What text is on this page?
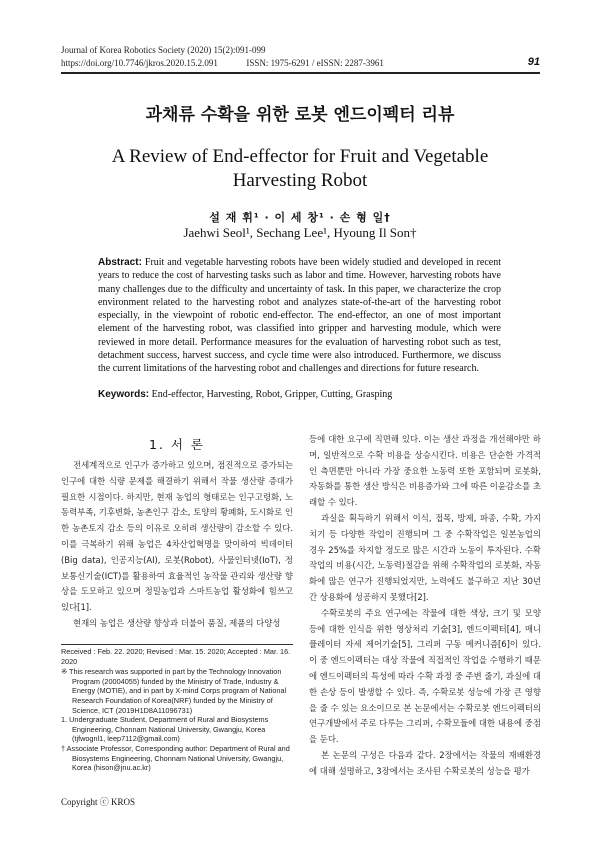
Journal of Korea Robotics Society (2020) 15(2):091-099
https://doi.org/10.7746/jkros.2020.15.2.091	ISSN: 1975-6291 / eISSN: 2287-3961	91
과채류 수확을 위한 로봇 엔드이펙터 리뷰
A Review of End-effector for Fruit and Vegetable
Harvesting Robot
설 재 휘¹ · 이 세 창¹ · 손 형 일†
Jaehwi Seol¹, Sechang Lee¹, Hyoung Il Son†
Abstract: Fruit and vegetable harvesting robots have been widely studied and developed in recent years to reduce the cost of harvesting tasks such as labor and time. However, harvesting robots have many challenges due to the difficulty and uncertainty of task. In this paper, we characterize the crop environment related to the harvesting robot and analyzes state-of-the-art of the harvesting robot especially, in the viewpoint of robotic end-effector. The end-effector, an one of most important element of the harvesting robot, was classified into gripper and harvesting module, which were reviewed in more detail. Performance measures for the evaluation of harvesting robot such as test, detachment success, harvest success, and cycle time were also introduced. Furthermore, we discuss the current limitations of the harvesting robot and challenges and directions for future research.
Keywords: End-effector, Harvesting, Robot, Gripper, Cutting, Grasping
1. 서 론

전세계적으로 인구가 증가하고 있으며, 점진적으로 증가되는 인구에 대한 식량 문제를 해결하기 위해서 작물 생산량 증대가 필요한 시점이다. 하지만, 현재 농업의 형태로는 인구고령화, 노동력부족, 기후변화, 농촌인구 감소, 토양의 황폐화, 도시화로 인한 농촌토지 감소 등의 이유로 오히려 생산량이 감소할 수 있다. 이를 극복하기 위해 농업은 4차산업혁명을 맞이하여 빅데이터(Big data), 인공지능(AI), 로봇(Robot), 사물인터넷(IoT), 정보통신기술(ICT)를 활용하여 효율적인 농작물 관리와 생산량 향상을 도모하고 있으며 정밀농업과 스마트농업 활성화에 힘쓰고 있다[1].

현재의 농업은 생산량 향상과 더불어 품질, 제품의 다양성

등에 대한 요구에 직면해 있다. 이는 생산 과정을 개선해야만 하며, 일반적으로 수확 비용을 상승시킨다. 비용은 단순한 가격적인 측면뿐만 아니라 가장 중요한 노동력 또한 포함되며 로봇화, 자동화를 통한 생산 방식은 비용증가와 그에 따른 이윤감소를 초래할 수 있다.

과실을 획득하기 위해서 이식, 접목, 방제, 파종, 수확, 가지치기 등 다양한 작업이 진행되며 그 중 수확작업은 일본농업의 경우 25%를 차지할 정도로 많은 시간과 노동이 투자된다. 수확작업의 비용(시간, 노동력)절감을 위해 수확작업의 로봇화, 자동화에 많은 연구가 진행되었지만, 노력에도 불구하고 지난 30년간 상용화에 성공하지 못했다[2].

수확로봇의 주요 연구에는 작물에 대한 색상, 크기 및 모양 등에 대한 인식을 위한 영상처리 기술[3], 엔드이펙터[4], 매니퓰레이터 자세 제어기술[5], 그리퍼 구동 메커니즘[6]이 있다. 이 중 엔드이펙터는 대상 작물에 직접적인 작업을 수행하기 때문에 엔드이펙터의 특성에 따라 수확 과정 중 주변 줄기, 과실에 대한 손상 등이 발생할 수 있다. 즉, 수확로봇 성능에 가장 큰 영향을 줄 수 있는 요소이므로 본 논문에서는 수확로봇 엔드이펙터의 연구개발에서 주로 다루는 그리퍼, 수확모듈에 대한 내용에 중점을 둔다.

본 논문의 구성은 다음과 같다. 2장에서는 작물의 재배환경에 대해 설명하고, 3장에서는 조사된 수확로봇의 성능을 평가

Received : Feb. 22. 2020; Revised : Mar. 15. 2020; Accepted : Mar. 16. 2020

※ This research was supported in part by the Technology Innovation Program (20004055) funded by the Ministry of Trade, Industry & Energy (MOTIE), and in part by X-mind Corps program of National Research Foundation of Korea(NRF) funded by the Ministry of Science, ICT (2019H1D8A1109673​1)

1. Undergraduate Student, Department of Rural and Biosystems Engineering, Chonnam National University, Gwangju, Korea (tjfwognl1, leep7112@gmail.com)

† Associate Professor, Corresponding author: Department of Rural and Biosystems Engineering, Chonnam National University, Gwangju, Korea (hison@jnu.ac.kr)

Copyright ⓒ KROS
